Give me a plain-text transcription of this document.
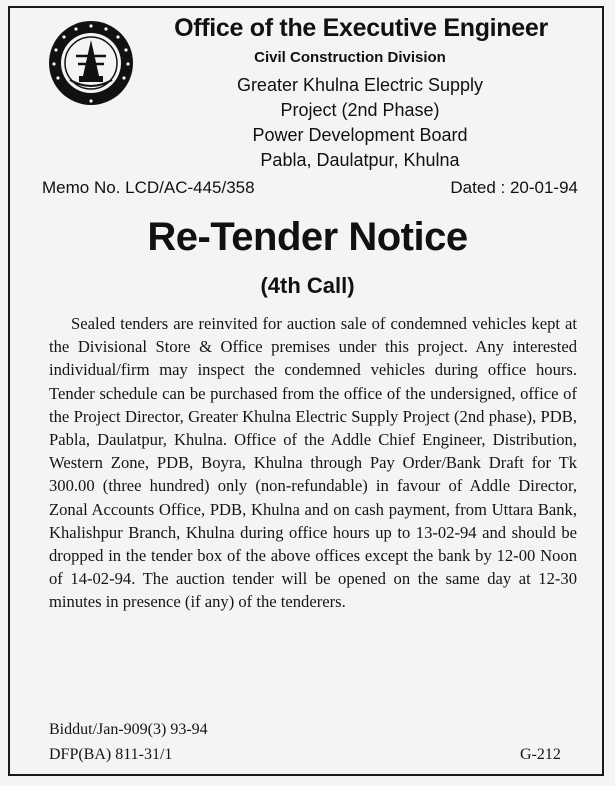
Office of the Executive Engineer
Civil Construction Division
Greater Khulna Electric Supply
Project (2nd Phase)
Power Development Board
Pabla, Daulatpur, Khulna
Memo No. LCD/AC-445/358	Dated : 20-01-94
Re-Tender Notice
(4th Call)
Sealed tenders are reinvited for auction sale of condemned vehicles kept at the Divisional Store & Office premises under this project. Any interested individual/firm may inspect the condemned vehicles during office hours. Tender schedule can be purchased from the office of the undersigned, office of the Project Director, Greater Khulna Electric Supply Project (2nd phase), PDB, Pabla, Daulatpur, Khulna. Office of the Addle Chief Engineer, Distribution, Western Zone, PDB, Boyra, Khulna through Pay Order/Bank Draft for Tk 300.00 (three hundred) only (non-refundable) in favour of Addle Director, Zonal Accounts Office, PDB, Khulna and on cash payment, from Uttara Bank, Khalishpur Branch, Khulna during office hours up to 13-02-94 and should be dropped in the tender box of the above offices except the bank by 12-00 Noon of 14-02-94. The auction tender will be opened on the same day at 12-30 minutes in presence (if any) of the tenderers.
Biddut/Jan-909(3) 93-94
DFP(BA) 811-31/1	G-212
